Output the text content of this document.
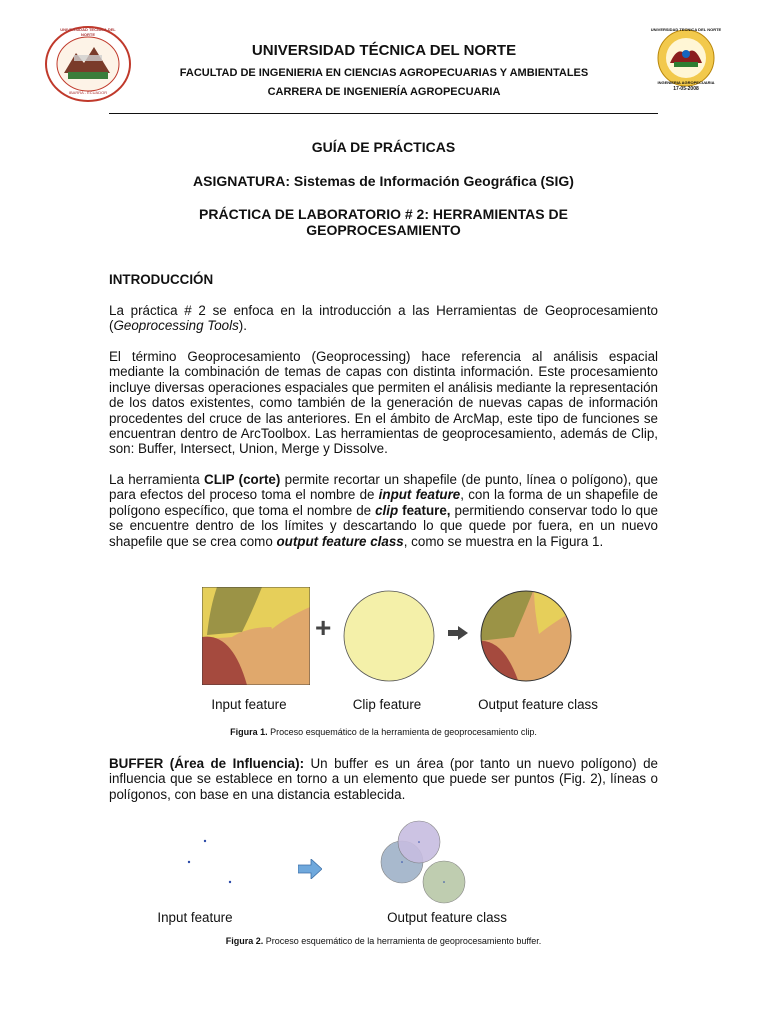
UNIVERSIDAD TECNICA DEL NORTE
IBARRA - ECUADOR
UNIVERSIDAD TECNICA DEL NORTE
INGENIERIA AGROPECUARIA
17-05-2008
UNIVERSIDAD TÉCNICA DEL NORTE
FACULTAD DE INGENIERIA EN CIENCIAS AGROPECUARIAS Y AMBIENTALES
CARRERA DE INGENIERÍA AGROPECUARIA
GUÍA DE PRÁCTICAS
ASIGNATURA: Sistemas de Información Geográfica (SIG)
PRÁCTICA DE LABORATORIO # 2: HERRAMIENTAS DE
GEOPROCESAMIENTO
INTRODUCCIÓN
La práctica # 2 se enfoca en la introducción a las Herramientas de Geoprocesamiento (Geoprocessing Tools).
El término Geoprocesamiento (Geoprocessing) hace referencia al análisis espacial mediante la combinación de temas de capas con distinta información. Este procesamiento incluye diversas operaciones espaciales que permiten el análisis mediante la representación de los datos existentes, como también de la generación de nuevas capas de información procedentes del cruce de las anteriores. En el ámbito de ArcMap, este tipo de funciones se encuentran dentro de ArcToolbox. Las herramientas de geoprocesamiento, además de Clip, son: Buffer, Intersect, Union, Merge y Dissolve.
La herramienta CLIP (corte) permite recortar un shapefile (de punto, línea o polígono), que para efectos del proceso toma el nombre de input feature, con la forma de un shapefile de polígono específico, que toma el nombre de clip feature, permitiendo conservar todo lo que se encuentre dentro de los límites y descartando lo que quede por fuera, en un nuevo shapefile que se crea como output feature class, como se muestra en la Figura 1.
+
Input feature	Clip feature	Output feature class
Figura 1. Proceso esquemático de la herramienta de geoprocesamiento clip.
BUFFER (Área de Influencia): Un buffer es un área (por tanto un nuevo polígono) de influencia que se establece en torno a un elemento que puede ser puntos (Fig. 2), líneas o polígonos, con base en una distancia establecida.
Input feature	Output feature class
Figura 2. Proceso esquemático de la herramienta de geoprocesamiento buffer.
